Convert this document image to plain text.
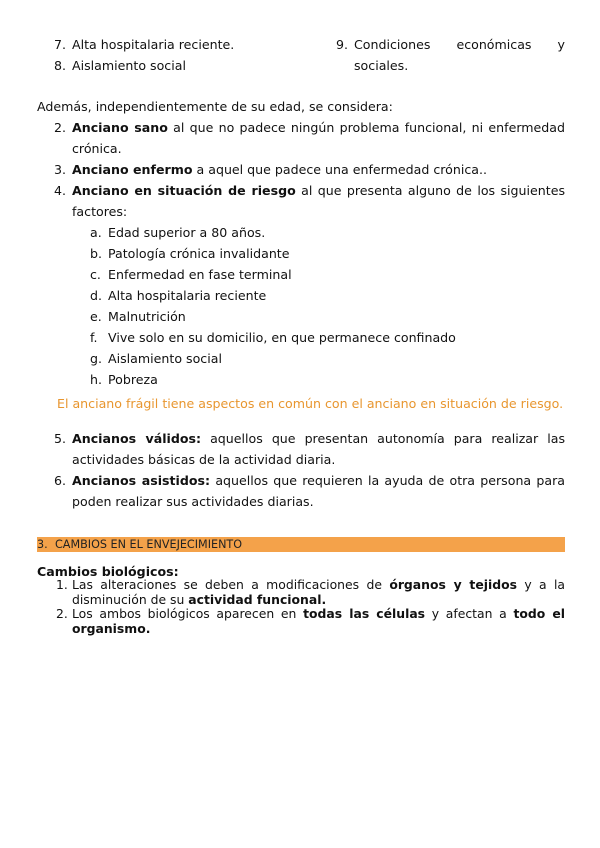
7. Alta hospitalaria reciente.
8. Aislamiento social
9. Condiciones económicas y
sociales.
Además, independientemente de su edad, se considera:
2. Anciano sano al que no padece ningún problema funcional, ni enfermedad crónica.
3. Anciano enfermo a aquel que padece una enfermedad crónica..
4. Anciano en situación de riesgo al que presenta alguno de los siguientes factores:
a. Edad superior a 80 años.
b. Patología crónica invalidante
c. Enfermedad en fase terminal
d. Alta hospitalaria reciente
e. Malnutrición
f. Vive solo en su domicilio, en que permanece confinado
g. Aislamiento social
h. Pobreza
El anciano frágil tiene aspectos en común con el anciano en situación de riesgo.
5. Ancianos válidos: aquellos que presentan autonomía para realizar las actividades básicas de la actividad diaria.
6. Ancianos asistidos: aquellos que requieren la ayuda de otra persona para poden realizar sus actividades diarias.
3. CAMBIOS EN EL ENVEJECIMIENTO
Cambios biológicos:
1. Las alteraciones se deben a modificaciones de órganos y tejidos y a la disminución de su actividad funcional.
2. Los ambos biológicos aparecen en todas las células y afectan a todo el organismo.
